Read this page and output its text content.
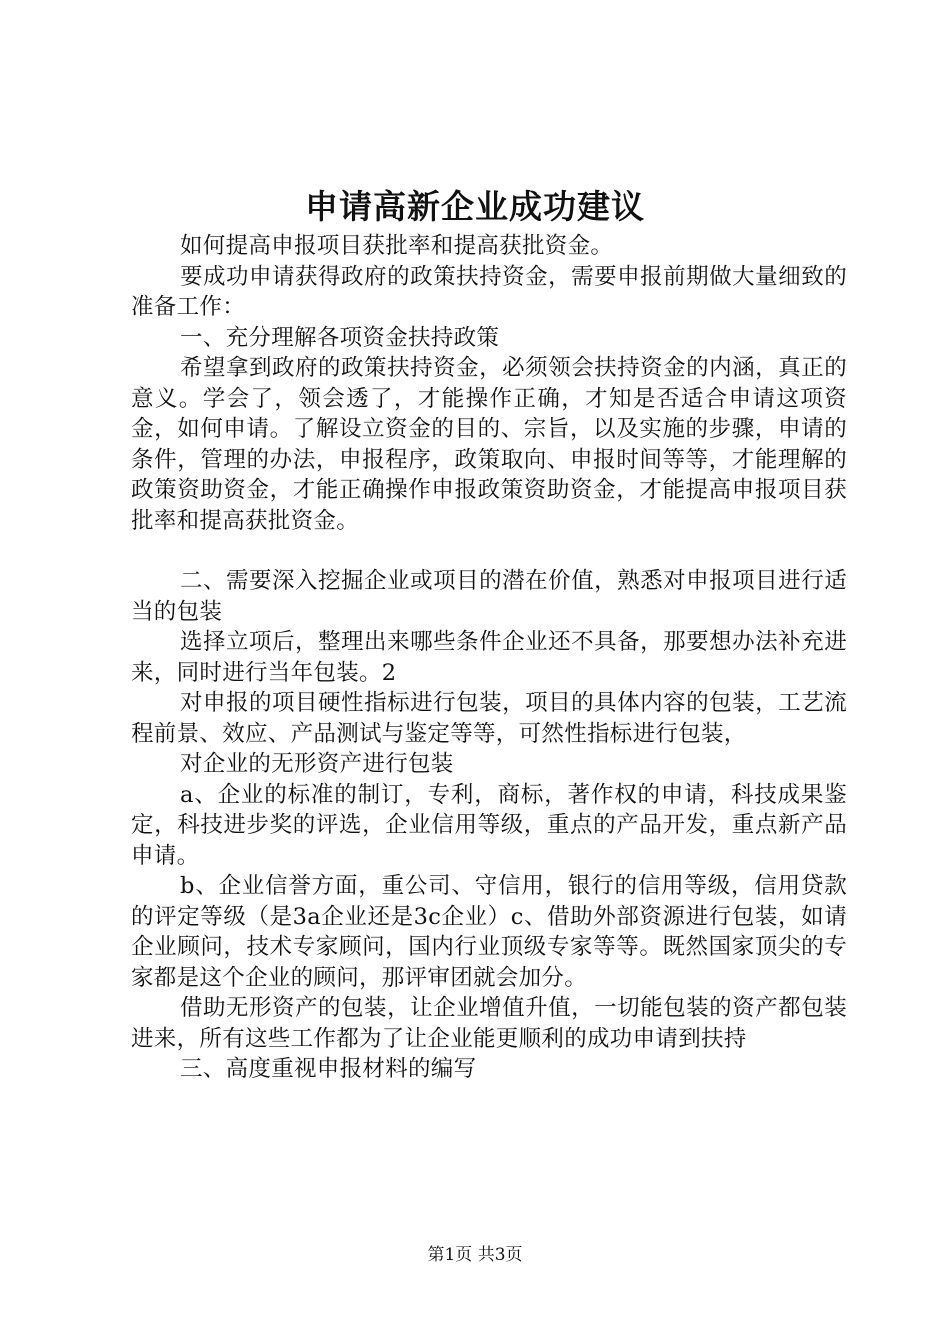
申请高新企业成功建议

如何提高申报项目获批率和提高获批资金。

要成功申请获得政府的政策扶持资金，需要申报前期做大量细致的准备工作：

一、充分理解各项资金扶持政策

希望拿到政府的政策扶持资金，必须领会扶持资金的内涵，真正的意义。学会了，领会透了，才能操作正确，才知是否适合申请这项资金，如何申请。了解设立资金的目的、宗旨，以及实施的步骤，申请的条件，管理的办法，申报程序，政策取向、申报时间等等，才能理解的政策资助资金，才能正确操作申报政策资助资金，才能提高申报项目获批率和提高获批资金。

二、需要深入挖掘企业或项目的潜在价值，熟悉对申报项目进行适当的包装

选择立项后，整理出来哪些条件企业还不具备，那要想办法补充进来，同时进行当年包装。2

对申报的项目硬性指标进行包装，项目的具体内容的包装，工艺流程前景、效应、产品测试与鉴定等等，可然性指标进行包装，

对企业的无形资产进行包装

a、企业的标准的制订，专利，商标，著作权的申请，科技成果鉴定，科技进步奖的评选，企业信用等级，重点的产品开发，重点新产品申请。

b、企业信誉方面，重公司、守信用，银行的信用等级，信用贷款的评定等级（是3a企业还是3c企业）c、借助外部资源进行包装，如请企业顾问，技术专家顾问，国内行业顶级专家等等。既然国家顶尖的专家都是这个企业的顾问，那评审团就会加分。

借助无形资产的包装，让企业增值升值，一切能包装的资产都包装进来，所有这些工作都为了让企业能更顺利的成功申请到扶持

三、高度重视申报材料的编写

第1页 共3页
